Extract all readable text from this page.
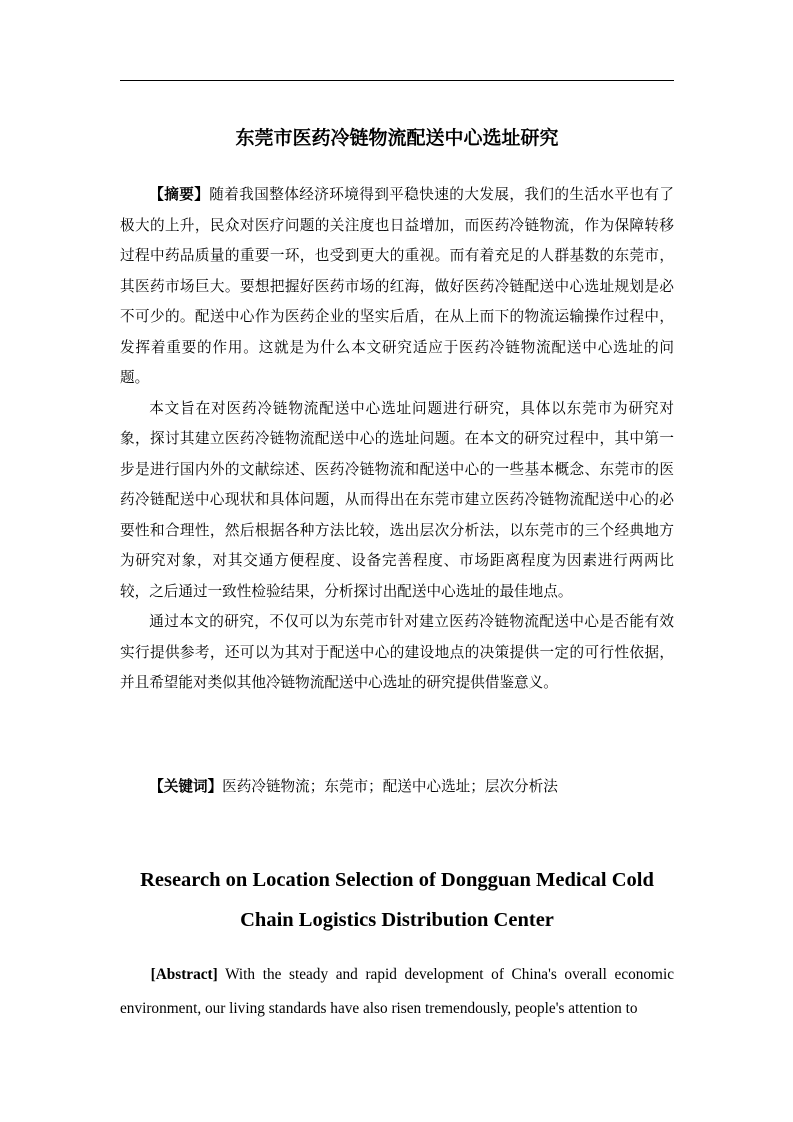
东莞市医药冷链物流配送中心选址研究

【摘要】随着我国整体经济环境得到平稳快速的大发展，我们的生活水平也有了极大的上升，民众对医疗问题的关注度也日益增加，而医药冷链物流，作为保障转移过程中药品质量的重要一环，也受到更大的重视。而有着充足的人群基数的东莞市，其医药市场巨大。要想把握好医药市场的红海，做好医药冷链配送中心选址规划是必不可少的。配送中心作为医药企业的坚实后盾，在从上而下的物流运输操作过程中，发挥着重要的作用。这就是为什么本文研究适应于医药冷链物流配送中心选址的问题。

本文旨在对医药冷链物流配送中心选址问题进行研究，具体以东莞市为研究对象，探讨其建立医药冷链物流配送中心的选址问题。在本文的研究过程中，其中第一步是进行国内外的文献综述、医药冷链物流和配送中心的一些基本概念、东莞市的医药冷链配送中心现状和具体问题，从而得出在东莞市建立医药冷链物流配送中心的必要性和合理性，然后根据各种方法比较，选出层次分析法，以东莞市的三个经典地方为研究对象，对其交通方便程度、设备完善程度、市场距离程度为因素进行两两比较，之后通过一致性检验结果，分析探讨出配送中心选址的最佳地点。

通过本文的研究，不仅可以为东莞市针对建立医药冷链物流配送中心是否能有效实行提供参考，还可以为其对于配送中心的建设地点的决策提供一定的可行性依据，并且希望能对类似其他冷链物流配送中心选址的研究提供借鉴意义。

【关键词】医药冷链物流；东莞市；配送中心选址；层次分析法

Research on Location Selection of Dongguan Medical Cold
Chain Logistics Distribution Center

[Abstract] With the steady and rapid development of China's overall economic environment, our living standards have also risen tremendously, people's attention to
